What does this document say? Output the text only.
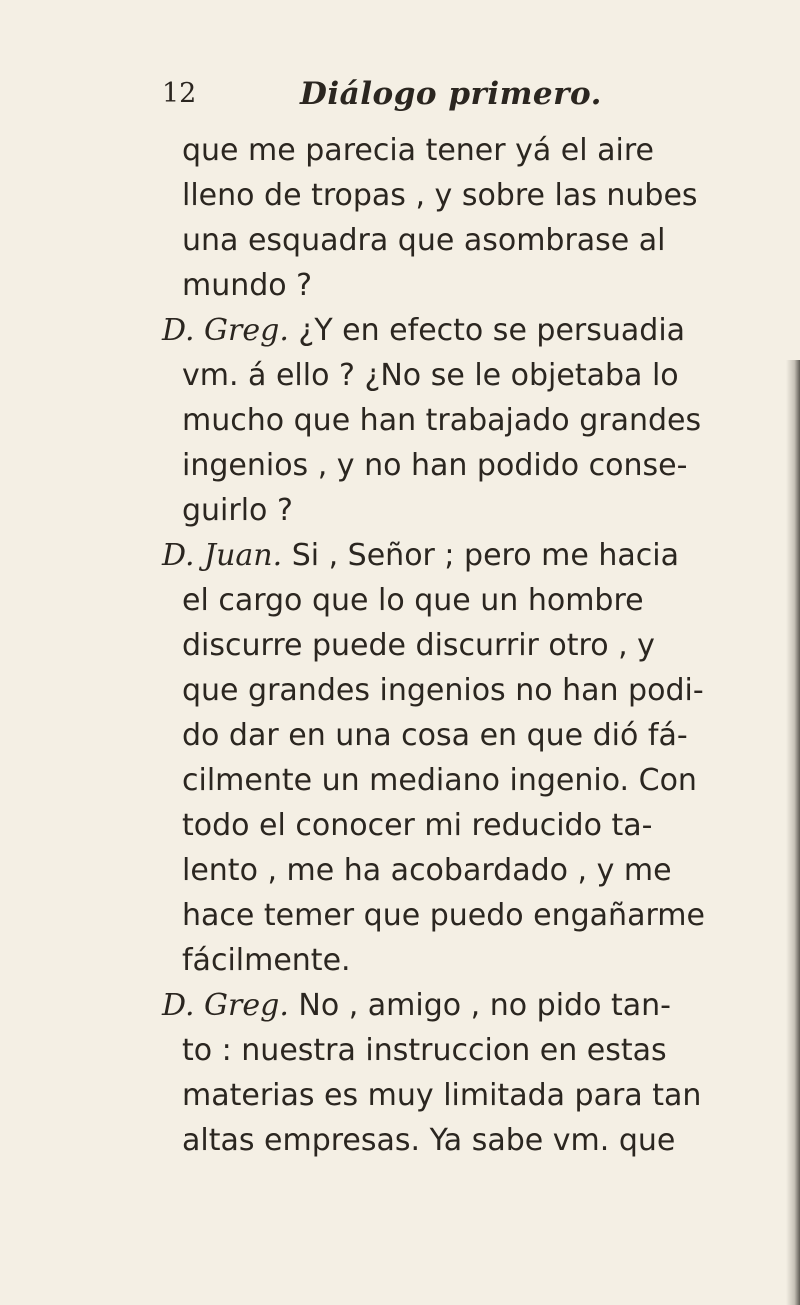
12	Diálogo primero.
que me parecia tener yá el aire
lleno de tropas , y sobre las nubes
una esquadra que asombrase al
mundo ?
D. Greg. ¿Y en efecto se persuadia
vm. á ello ? ¿No se le objetaba lo
mucho que han trabajado grandes
ingenios , y no han podido conse-
guirlo ?
D. Juan. Si , Señor ; pero me hacia
el cargo que lo que un hombre
discurre puede discurrir otro , y
que grandes ingenios no han podi-
do dar en una cosa en que dió fá-
cilmente un mediano ingenio. Con
todo el conocer mi reducido ta-
lento , me ha acobardado , y me
hace temer que puedo engañarme
fácilmente.
D. Greg. No , amigo , no pido tan-
to : nuestra instruccion en estas
materias es muy limitada para tan
altas empresas. Ya sabe vm. que
